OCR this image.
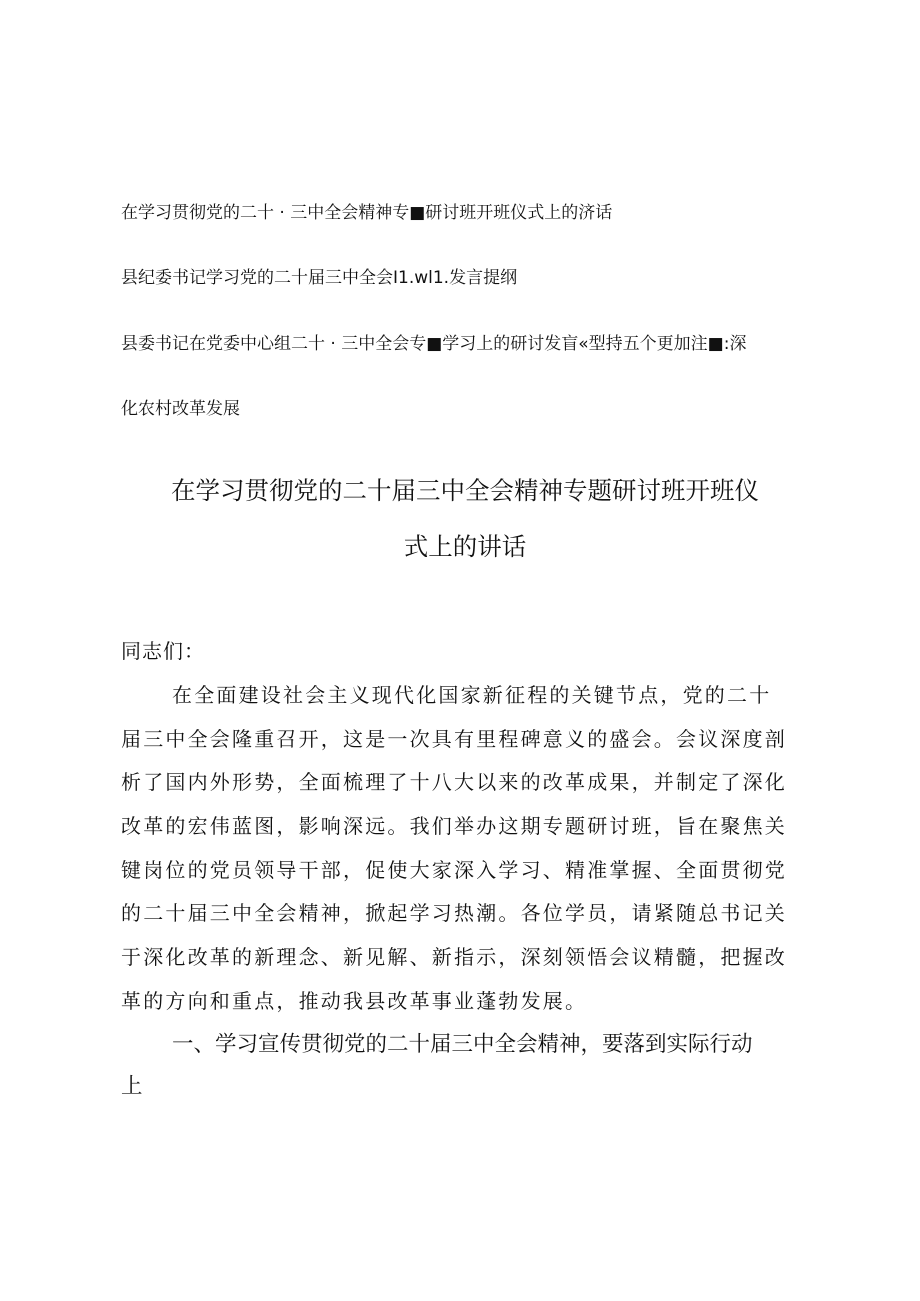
在学习贯彻党的二十 · 三中全会精神专■研讨班开班仪式上的济话
县纪委书记学习党的二十届三中全会I1.wl1.发言提纲
县委书记在党委中心组二十 · 三中全会专■学习上的研讨发盲«型持五个更加注■:深
化农村改革发展
在学习贯彻党的二十届三中全会精神专题研讨班开班仪
式上的讲话
同志们：
在全面建设社会主义现代化国家新征程的关键节点，党的二十
届三中全会隆重召开，这是一次具有里程碑意义的盛会。会议深度剖
析了国内外形势，全面梳理了十八大以来的改革成果，并制定了深化
改革的宏伟蓝图，影响深远。我们举办这期专题研讨班，旨在聚焦关
键岗位的党员领导干部，促使大家深入学习、精准掌握、全面贯彻党
的二十届三中全会精神，掀起学习热潮。各位学员，请紧随总书记关
于深化改革的新理念、新见解、新指示，深刻领悟会议精髓，把握改
革的方向和重点，推动我县改革事业蓬勃发展。
一、学习宣传贯彻党的二十届三中全会精神，要落到实际行动
上
